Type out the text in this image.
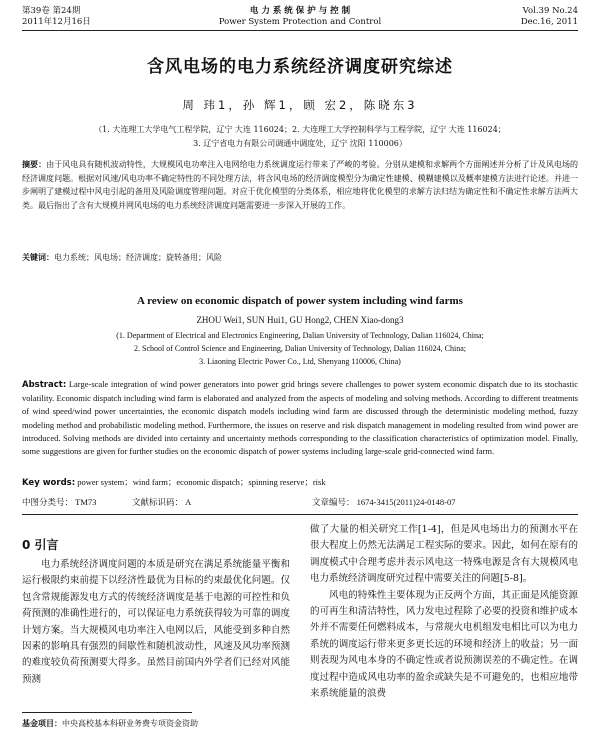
第39卷 第24期
2011年12月16日
电 力 系 统 保 护 与 控 制
Power System Protection and Control
Vol.39 No.24
Dec.16, 2011
含风电场的电力系统经济调度研究综述
周 玮1，孙 辉1，顾 宏2，陈晓东3
（1. 大连理工大学电气工程学院，辽宁 大连 116024；2. 大连理工大学控制科学与工程学院，辽宁 大连 116024；
3. 辽宁省电力有限公司调通中调度处，辽宁 沈阳 110006）
摘要：由于风电具有随机波动特性，大规模风电功率注入电网给电力系统调度运行带来了严峻的考验。分别从建模和求解两个方面阐述并分析了计及风电场的经济调度问题。根据对风速/风电功率不确定特性的不同处理方法，将含风电场的经济调度模型分为确定性建模、模糊建模以及概率建模方法进行论述。并进一步阐明了建模过程中风电引起的备用及风险调度管理问题。对应于优化模型的分类体系，相应地将优化模型的求解方法归结为确定性和不确定性求解方法两大类。最后指出了含有大规模并网风电场的电力系统经济调度问题需要进一步深入开展的工作。
关键词：电力系统；风电场；经济调度；旋转备用；风险
A review on economic dispatch of power system including wind farms
ZHOU Wei1, SUN Hui1, GU Hong2, CHEN Xiao-dong3
(1. Department of Electrical and Electronics Engineering, Dalian University of Technology, Dalian 116024, China;
2. School of Control Science and Engineering, Dalian University of Technology, Dalian 116024, China;
3. Liaoning Electric Power Co., Ltd, Shenyang 110006, China)
Abstract: Large-scale integration of wind power generators into power grid brings severe challenges to power system economic dispatch due to its stochastic volatility. Economic dispatch including wind farm is elaborated and analyzed from the aspects of modeling and solving methods. According to different treatments of wind speed/wind power uncertainties, the economic dispatch models including wind farm are discussed through the deterministic modeling method, fuzzy modeling method and probabilistic modeling method. Furthermore, the issues on reserve and risk dispatch management in modeling resulted from wind power are introduced. Solving methods are divided into certainty and uncertainty methods corresponding to the classification characteristics of optimization model. Finally, some suggestions are given for further studies on the economic dispatch of power systems including large-scale grid-connected wind farm.
Key words: power system；wind farm；economic dispatch；spinning reserve；risk
中图分类号： TM73	文献标识码： A	文章编号： 1674-3415(2011)24-0148-07
0 引言
电力系统经济调度问题的本质是研究在满足系统能量平衡和运行极限约束前提下以经济性最优为目标的约束最优化问题。仅包含常规能源发电方式的传统经济调度是基于电源的可控性和负荷预测的准确性进行的，可以保证电力系统获得较为可靠的调度计划方案。当大规模风电功率注入电网以后，风能受到多种自然因素的影响具有强烈的间歇性和随机波动性，风速及风功率预测的难度较负荷预测要大得多。虽然目前国内外学者们已经对风能预测
做了大量的相关研究工作[1-4]，但是风电场出力的预测水平在很大程度上仍然无法满足工程实际的要求。因此，如何在原有的调度模式中合理考虑并表示风电这一特殊电源是含有大规模风电电力系统经济调度研究过程中需要关注的问题[5-8]。
风电的特殊性主要体现为正反两个方面，其正面是风能资源的可再生和清洁特性，风力发电过程除了必要的投资和维护成本外并不需要任何燃料成本，与常规火电机组发电相比可以为电力系统的调度运行带来更多更长远的环境和经济上的收益；另一面则表现为风电本身的不确定性或者说预测误差的不确定性。在调度过程中造成风电功率的盈余或缺失是不可避免的，也相应地带来系统能量的浪费
基金项目：中央高校基本科研业务费专项资金资助
